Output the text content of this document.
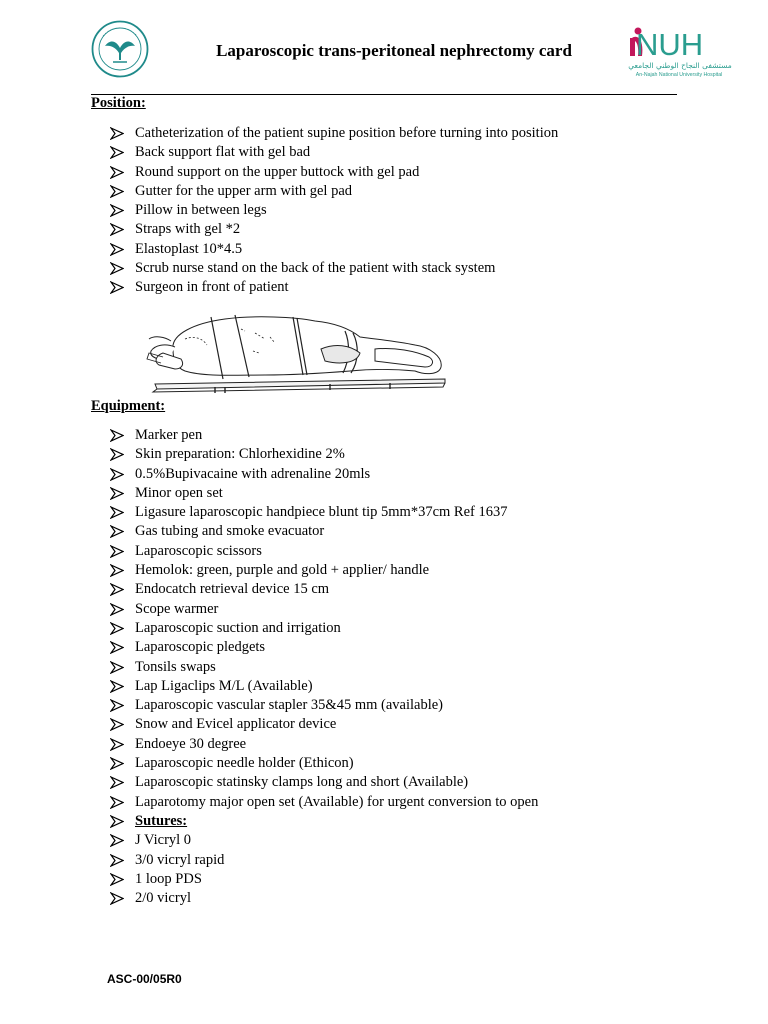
Laparoscopic trans-peritoneal nephrectomy card	NUH
مستشفى النجاح الوطني الجامعي
An-Najah National University Hospital
Position:
Catheterization of the patient supine position before turning into position
Back support flat with gel bad
Round support on the upper buttock with gel pad
Gutter for the upper arm with gel pad
Pillow in between legs
Straps with gel *2
Elastoplast 10*4.5
Scrub nurse stand on the back of the patient with stack system
Surgeon in front of patient
Equipment:
Marker pen
Skin preparation: Chlorhexidine 2%
0.5%Bupivacaine with adrenaline 20mls
Minor open set
Ligasure laparoscopic handpiece blunt tip 5mm*37cm Ref 1637
Gas tubing and smoke evacuator
Laparoscopic scissors
Hemolok: green, purple and gold + applier/ handle
Endocatch retrieval device 15 cm
Scope warmer
Laparoscopic suction and irrigation
Laparoscopic pledgets
Tonsils swaps
Lap Ligaclips M/L (Available)
Laparoscopic vascular stapler 35&45 mm (available)
Snow and Evicel applicator device
Endoeye 30 degree
Laparoscopic needle holder (Ethicon)
Laparoscopic statinsky clamps long and short (Available)
Laparotomy major open set (Available) for urgent conversion to open
Sutures:
J Vicryl 0
3/0 vicryl rapid
1 loop PDS
2/0 vicryl
ASC-00/05R0
